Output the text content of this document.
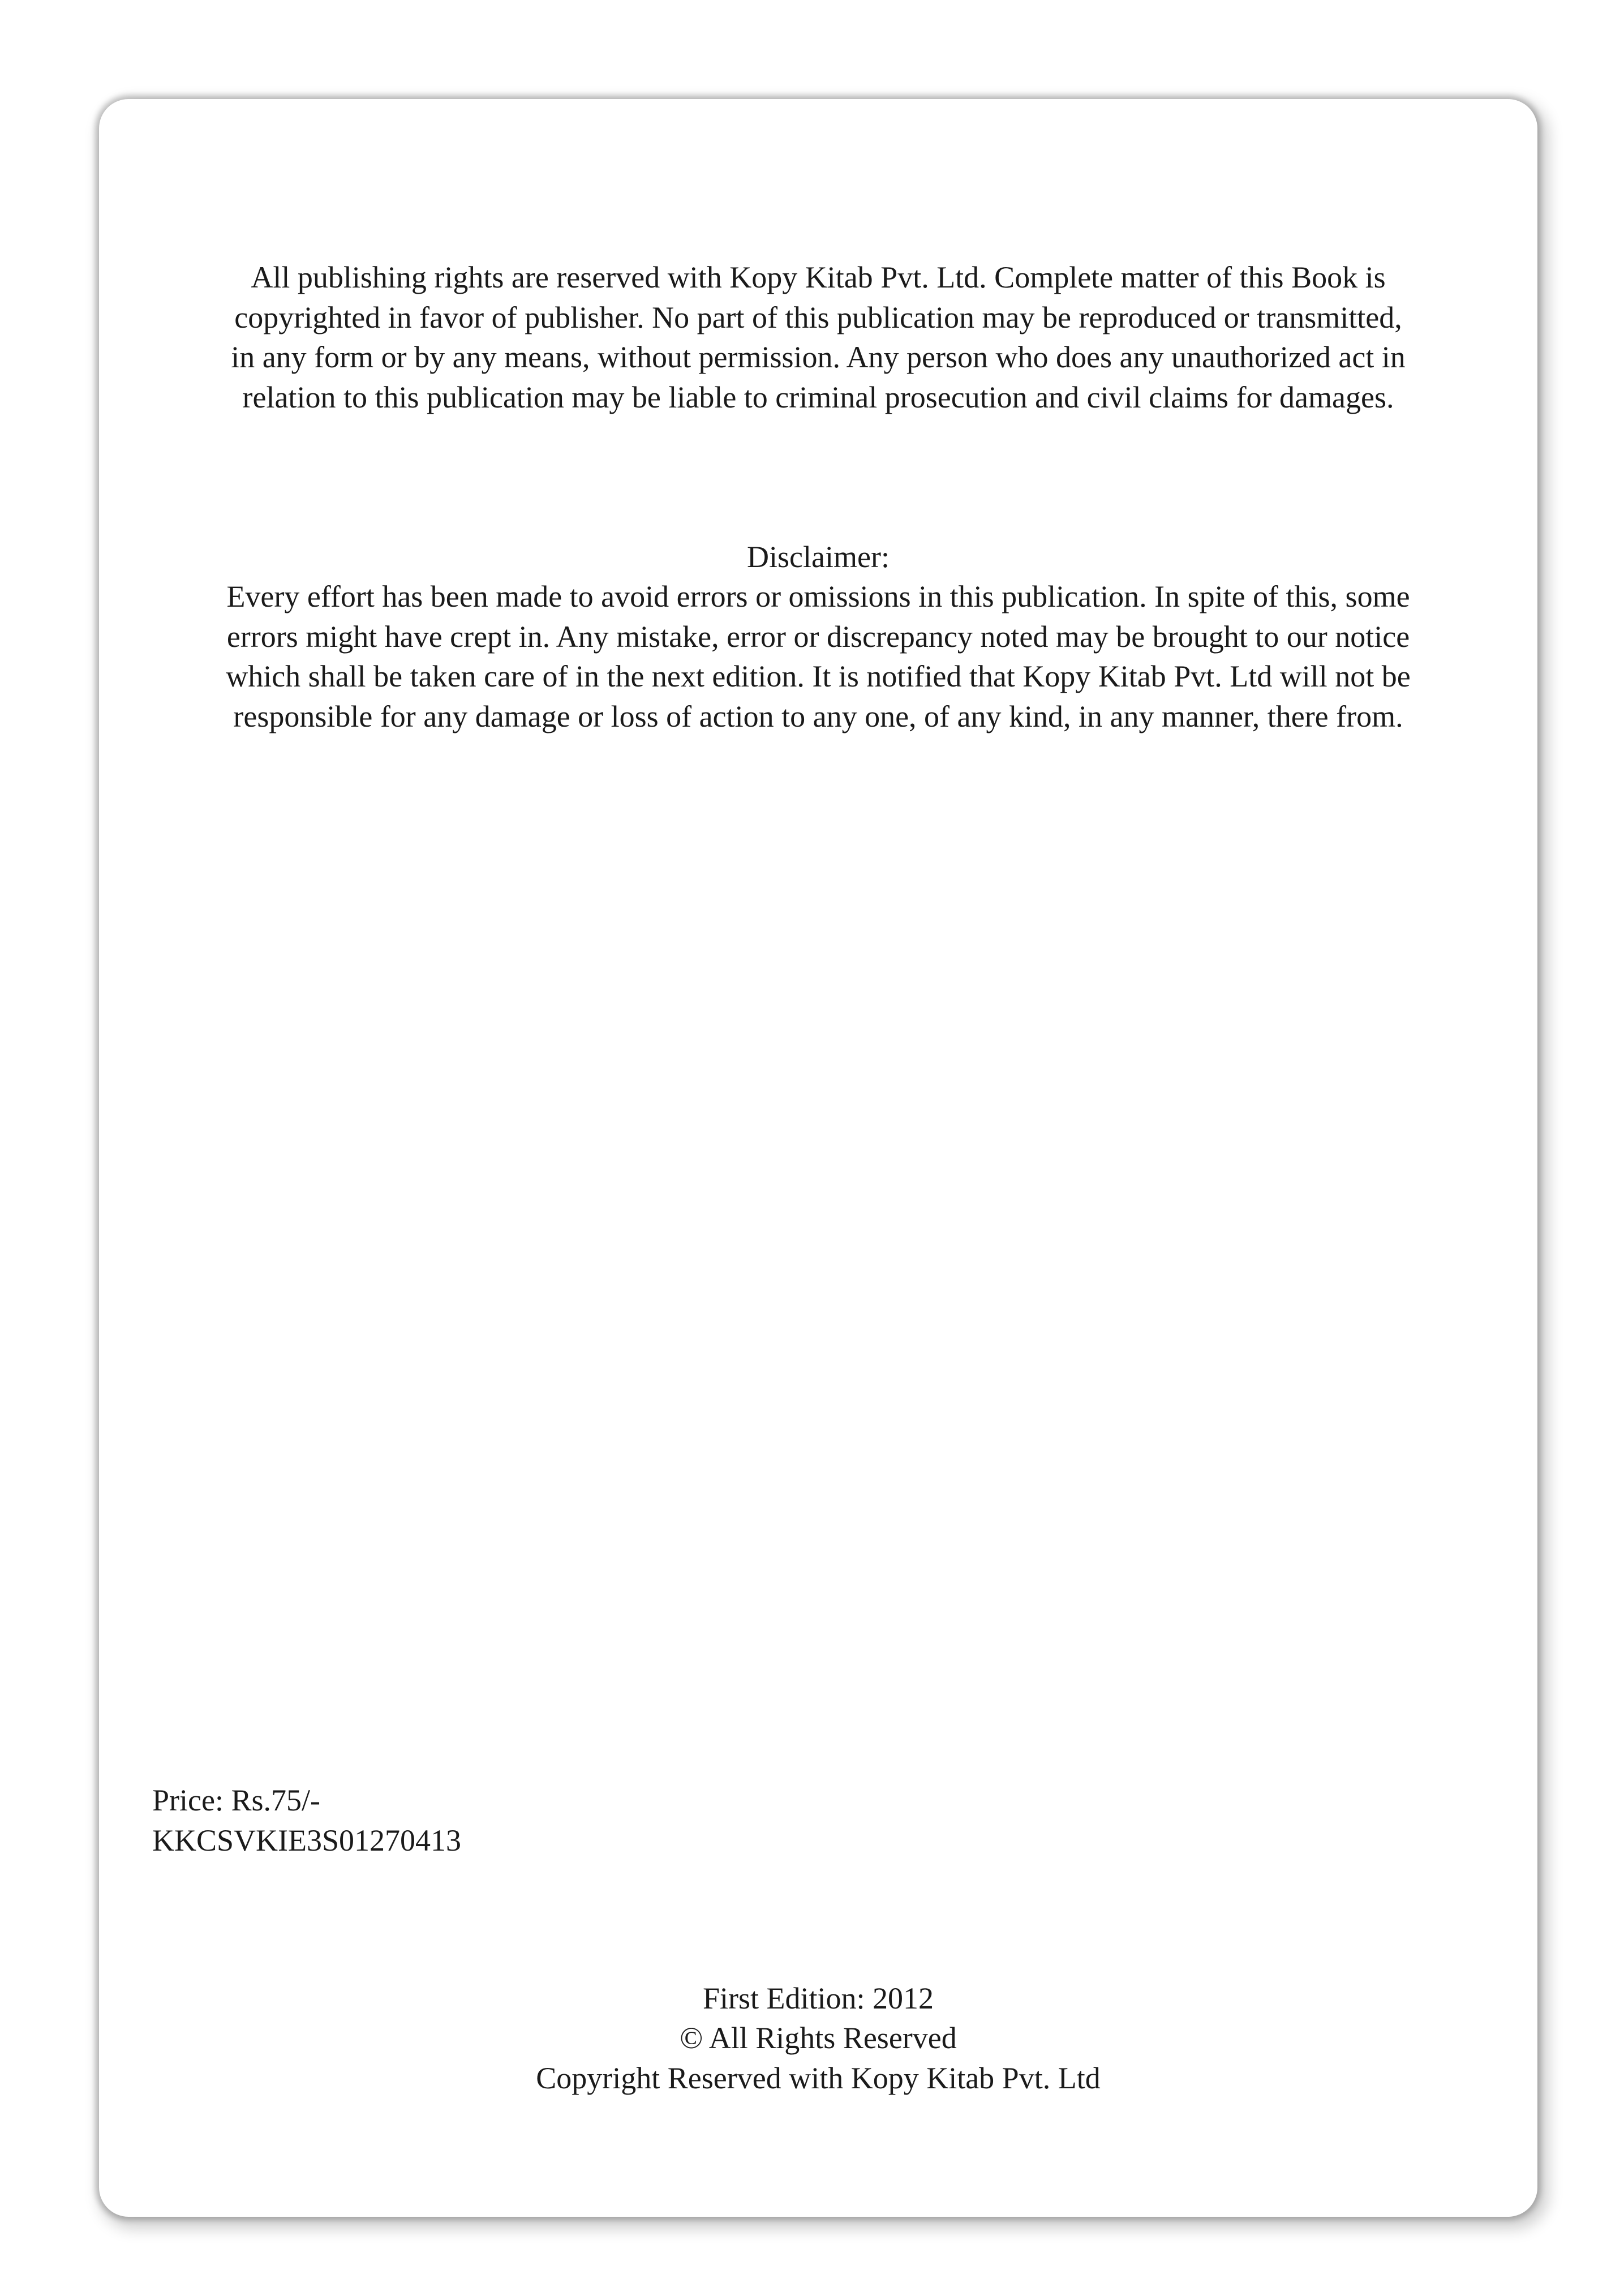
All publishing rights are reserved with Kopy Kitab Pvt. Ltd. Complete matter of this Book is
copyrighted in favor of publisher. No part of this publication may be reproduced or transmitted,
in any form or by any means, without permission. Any person who does any unauthorized act in
relation to this publication may be liable to criminal prosecution and civil claims for damages.
Disclaimer:
Every effort has been made to avoid errors or omissions in this publication. In spite of this, some
errors might have crept in. Any mistake, error or discrepancy noted may be brought to our notice
which shall be taken care of in the next edition. It is notified that Kopy Kitab Pvt. Ltd will not be
responsible for any damage or loss of action to any one, of any kind, in any manner, there from.
Price: Rs.75/-
KKCSVKIE3S01270413
First Edition: 2012
© All Rights Reserved
Copyright Reserved with Kopy Kitab Pvt. Ltd
